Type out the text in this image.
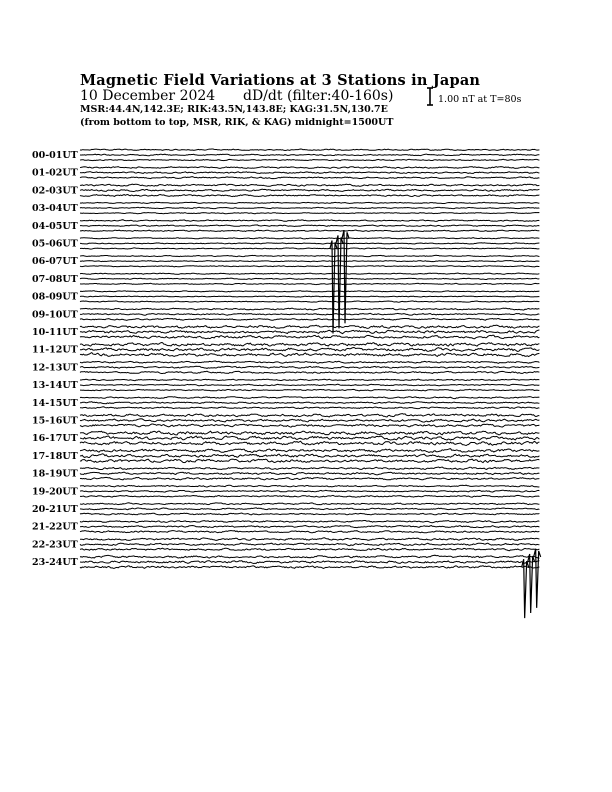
Magnetic Field Variations at 3 Stations in Japan
10 December 2024 dD/dt (filter:40-160s)
MSR:44.4N,142.3E; RIK:43.5N,143.8E; KAG:31.5N,130.7E
(from bottom to top, MSR, RIK, & KAG) midnight=1500UT
1.00 nT at T=80s
00-01UT
01-02UT
02-03UT
03-04UT
04-05UT
05-06UT
06-07UT
07-08UT
08-09UT
09-10UT
10-11UT
11-12UT
12-13UT
13-14UT
14-15UT
15-16UT
16-17UT
17-18UT
18-19UT
19-20UT
20-21UT
21-22UT
22-23UT
23-24UT
